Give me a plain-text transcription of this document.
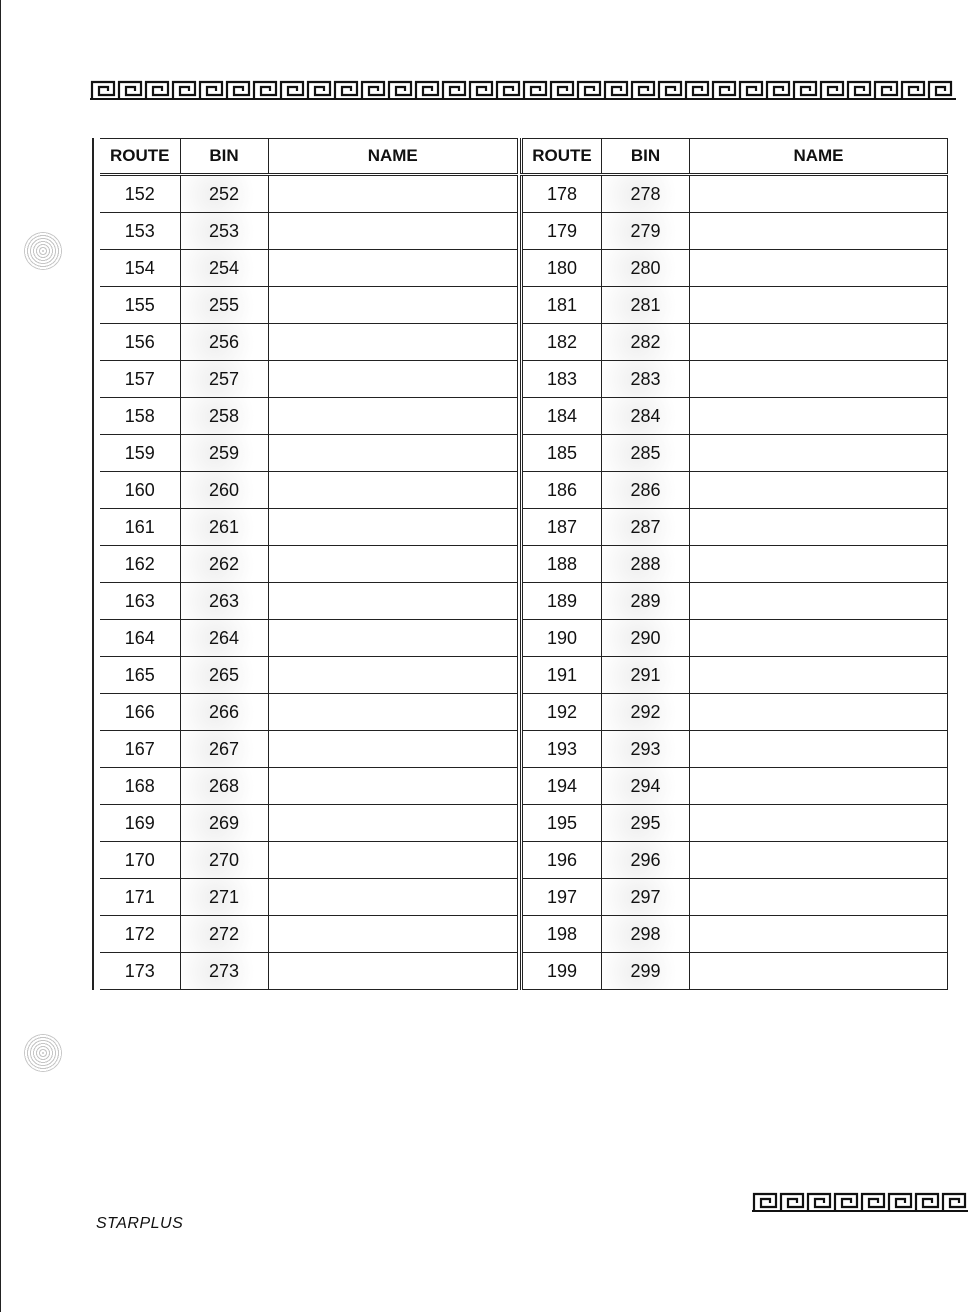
ROUTE	BIN	NAME
152	252	
153	253	
154	254	
155	255	
156	256	
157	257	
158	258	
159	259	
160	260	
161	261	
162	262	
163	263	
164	264	
165	265	
166	266	
167	267	
168	268	
169	269	
170	270	
171	271	
172	272	
173	273	
ROUTE	BIN	NAME
178	278	
179	279	
180	280	
181	281	
182	282	
183	283	
184	284	
185	285	
186	286	
187	287	
188	288	
189	289	
190	290	
191	291	
192	292	
193	293	
194	294	
195	295	
196	296	
197	297	
198	298	
199	299	
STARPLUS
